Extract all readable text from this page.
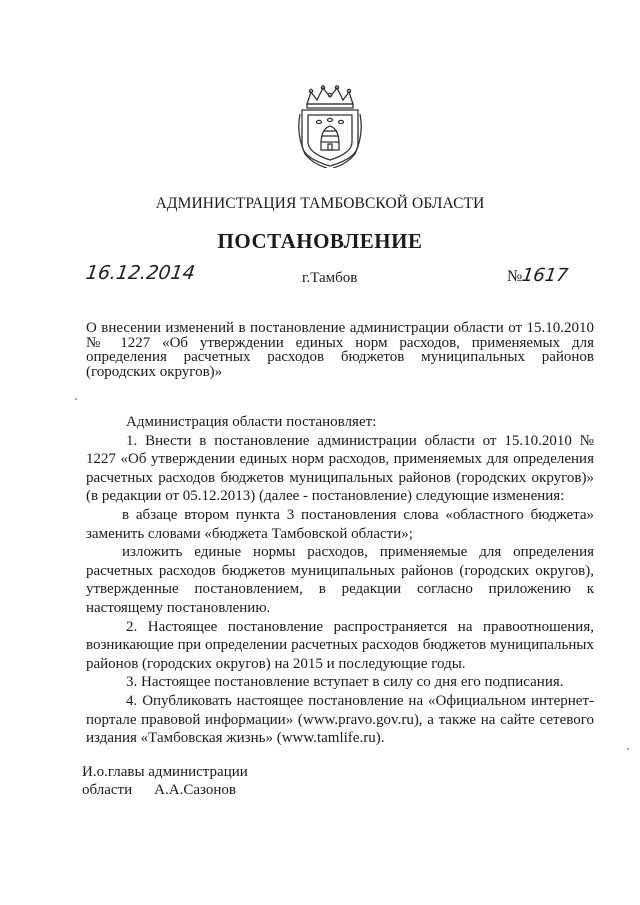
АДМИНИСТРАЦИЯ ТАМБОВСКОЙ ОБЛАСТИ
ПОСТАНОВЛЕНИЕ
16.12.2014	г.Тамбов	№1617
О внесении изменений в постановление администрации области от 15.10.2010 № 1227 «Об утверждении единых норм расходов, применяемых для определения расчетных расходов бюджетов муниципальных районов (городских округов)»

Администрация области постановляет:

1. Внести в постановление администрации области от 15.10.2010 № 1227 «Об утверждении единых норм расходов, применяемых для определения расчетных расходов бюджетов муниципальных районов (городских округов)» (в редакции от 05.12.2013) (далее - постановление) следующие изменения:

в абзаце втором пункта 3 постановления слова «областного бюджета» заменить словами «бюджета Тамбовской области»;

изложить единые нормы расходов, применяемые для определения расчетных расходов бюджетов муниципальных районов (городских округов), утвержденные постановлением, в редакции согласно приложению к настоящему постановлению.

2. Настоящее постановление распространяется на правоотношения, возникающие при определении расчетных расходов бюджетов муниципальных районов (городских округов) на 2015 и последующие годы.

3. Настоящее постановление вступает в силу со дня его подписания.

4. Опубликовать настоящее постановление на «Официальном интернет-портале правовой информации» (www.pravo.gov.ru), а также на сайте сетевого издания «Тамбовская жизнь» (www.tamlife.ru).

И.о.главы администрации
области А.А.Сазонов
